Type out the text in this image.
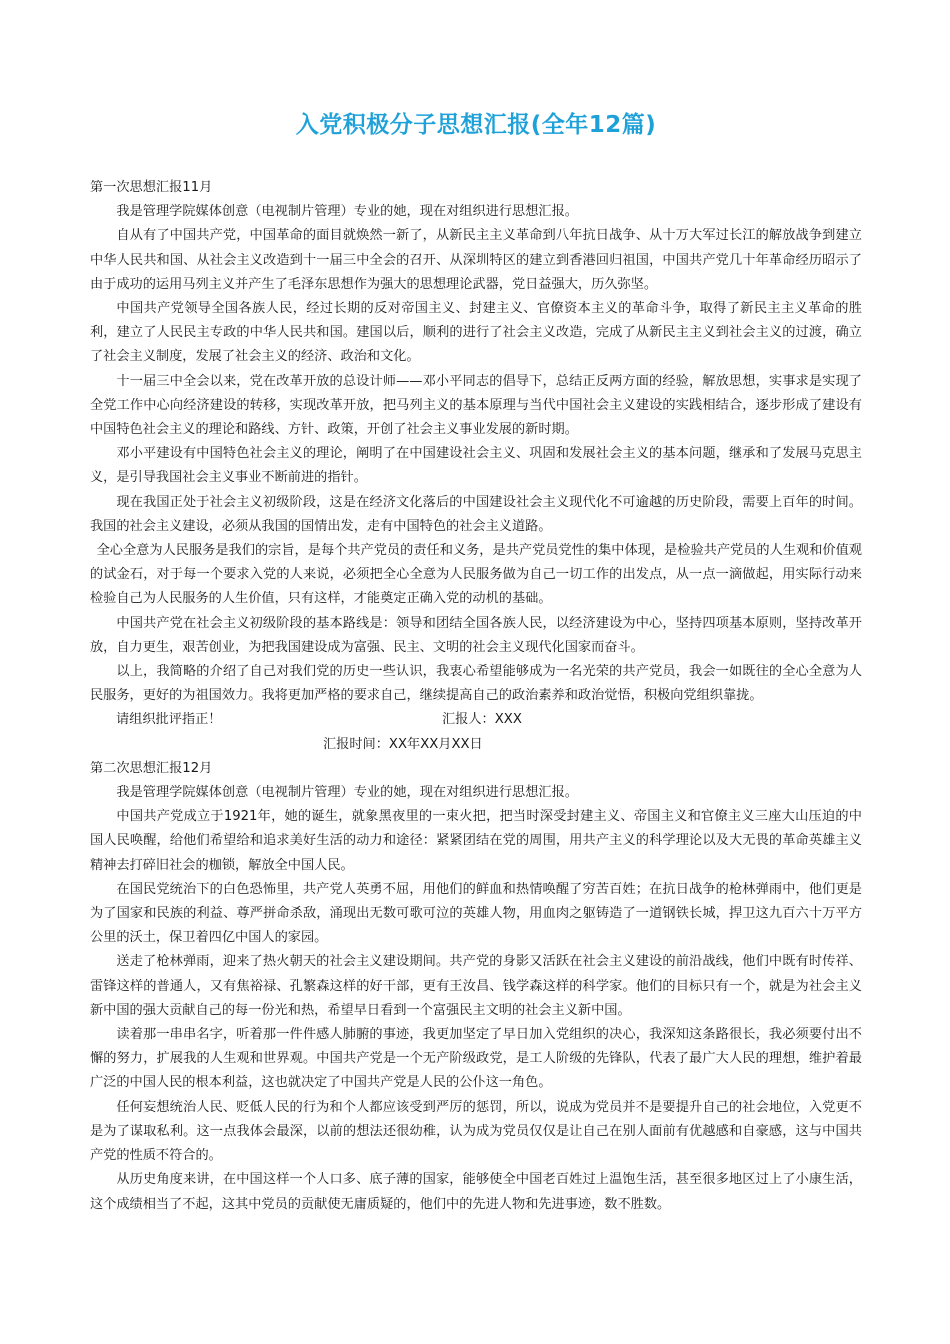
入党积极分子思想汇报(全年12篇)

第一次思想汇报11月

我是管理学院媒体创意（电视制片管理）专业的她，现在对组织进行思想汇报。

自从有了中国共产党，中国革命的面目就焕然一新了，从新民主主义革命到八年抗日战争、从十万大军过长江的解放战争到建立中华人民共和国、从社会主义改造到十一届三中全会的召开、从深圳特区的建立到香港回归祖国，中国共产党几十年革命经历昭示了由于成功的运用马列主义并产生了毛泽东思想作为强大的思想理论武器，党日益强大，历久弥坚。

中国共产党领导全国各族人民，经过长期的反对帝国主义、封建主义、官僚资本主义的革命斗争，取得了新民主主义革命的胜利，建立了人民民主专政的中华人民共和国。建国以后，顺利的进行了社会主义改造，完成了从新民主主义到社会主义的过渡，确立了社会主义制度，发展了社会主义的经济、政治和文化。

十一届三中全会以来，党在改革开放的总设计师——邓小平同志的倡导下，总结正反两方面的经验，解放思想，实事求是实现了全党工作中心向经济建设的转移，实现改革开放，把马列主义的基本原理与当代中国社会主义建设的实践相结合，逐步形成了建设有中国特色社会主义的理论和路线、方针、政策，开创了社会主义事业发展的新时期。

邓小平建设有中国特色社会主义的理论，阐明了在中国建设社会主义、巩固和发展社会主义的基本问题，继承和了发展马克思主义，是引导我国社会主义事业不断前进的指针。

现在我国正处于社会主义初级阶段，这是在经济文化落后的中国建设社会主义现代化不可逾越的历史阶段，需要上百年的时间。我国的社会主义建设，必须从我国的国情出发，走有中国特色的社会主义道路。

全心全意为人民服务是我们的宗旨，是每个共产党员的责任和义务，是共产党员党性的集中体现，是检验共产党员的人生观和价值观的试金石，对于每一个要求入党的人来说，必须把全心全意为人民服务做为自己一切工作的出发点，从一点一滴做起，用实际行动来检验自己为人民服务的人生价值，只有这样，才能奠定正确入党的动机的基础。

中国共产党在社会主义初级阶段的基本路线是：领导和团结全国各族人民，以经济建设为中心，坚持四项基本原则，坚持改革开放，自力更生，艰苦创业，为把我国建设成为富强、民主、文明的社会主义现代化国家而奋斗。

以上，我简略的介绍了自己对我们党的历史一些认识，我衷心希望能够成为一名光荣的共产党员，我会一如既往的全心全意为人民服务，更好的为祖国效力。我将更加严格的要求自己，继续提高自己的政治素养和政治觉悟，积极向党组织靠拢。

请组织批评指正！	汇报人：XXX
汇报时间：XX年XX月XX日

第二次思想汇报12月

我是管理学院媒体创意（电视制片管理）专业的她，现在对组织进行思想汇报。

中国共产党成立于1921年，她的诞生，就象黑夜里的一束火把，把当时深受封建主义、帝国主义和官僚主义三座大山压迫的中国人民唤醒，给他们希望给和追求美好生活的动力和途径：紧紧团结在党的周围，用共产主义的科学理论以及大无畏的革命英雄主义精神去打碎旧社会的枷锁，解放全中国人民。

在国民党统治下的白色恐怖里，共产党人英勇不屈，用他们的鲜血和热情唤醒了穷苦百姓；在抗日战争的枪林弹雨中，他们更是为了国家和民族的利益、尊严拼命杀敌，涌现出无数可歌可泣的英雄人物，用血肉之躯铸造了一道钢铁长城，捍卫这九百六十万平方公里的沃土，保卫着四亿中国人的家园。

送走了枪林弹雨，迎来了热火朝天的社会主义建设期间。共产党的身影又活跃在社会主义建设的前沿战线，他们中既有时传祥、雷锋这样的普通人，又有焦裕禄、孔繁森这样的好干部，更有王汝昌、钱学森这样的科学家。他们的目标只有一个，就是为社会主义新中国的强大贡献自己的每一份光和热，希望早日看到一个富强民主文明的社会主义新中国。

读着那一串串名字，听着那一件件感人肺腑的事迹，我更加坚定了早日加入党组织的决心，我深知这条路很长，我必须要付出不懈的努力，扩展我的人生观和世界观。中国共产党是一个无产阶级政党，是工人阶级的先锋队，代表了最广大人民的理想，维护着最广泛的中国人民的根本利益，这也就决定了中国共产党是人民的公仆这一角色。

任何妄想统治人民、贬低人民的行为和个人都应该受到严厉的惩罚，所以，说成为党员并不是要提升自己的社会地位，入党更不是为了谋取私利。这一点我体会最深，以前的想法还很幼稚，认为成为党员仅仅是让自己在别人面前有优越感和自豪感，这与中国共产党的性质不符合的。

从历史角度来讲，在中国这样一个人口多、底子薄的国家，能够使全中国老百姓过上温饱生活，甚至很多地区过上了小康生活，这个成绩相当了不起，这其中党员的贡献使无庸质疑的，他们中的先进人物和先进事迹，数不胜数。
